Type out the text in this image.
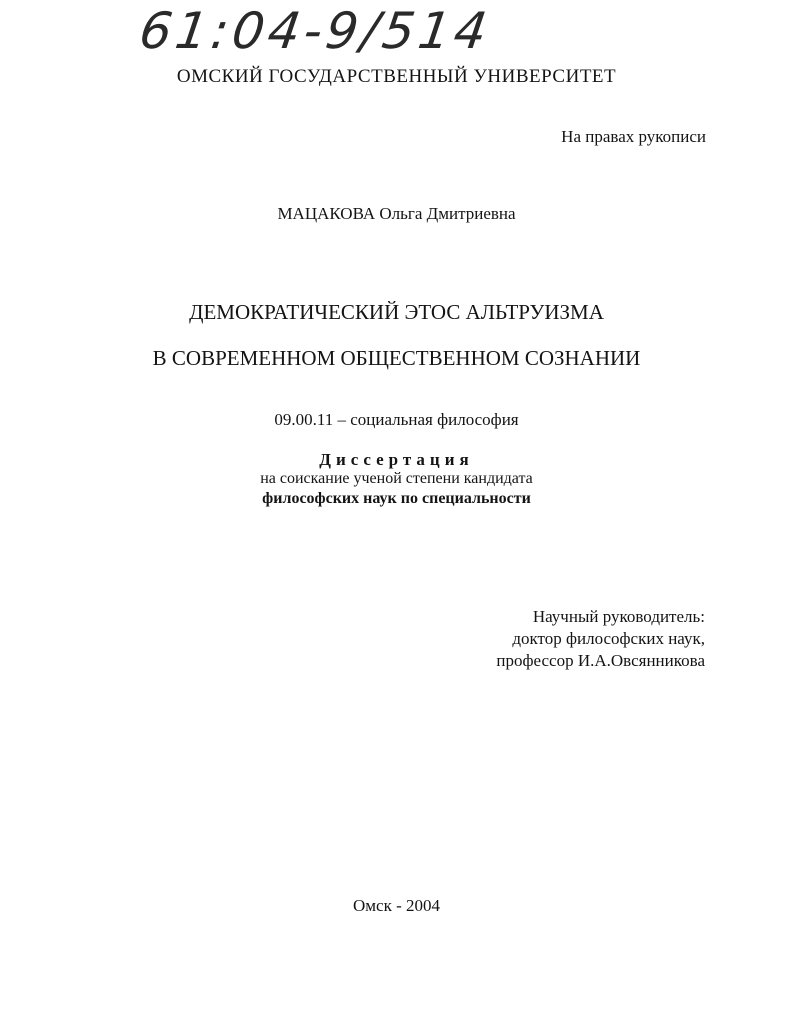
61:04-9/514
ОМСКИЙ ГОСУДАРСТВЕННЫЙ УНИВЕРСИТЕТ
На правах рукописи
МАЦАКОВА Ольга Дмитриевна
ДЕМОКРАТИЧЕСКИЙ ЭТОС АЛЬТРУИЗМА
В СОВРЕМЕННОМ ОБЩЕСТВЕННОМ СОЗНАНИИ
09.00.11 – социальная философия
Диссертация
на соискание ученой степени кандидата
философских наук по специальности
Научный руководитель:
доктор философских наук,
профессор И.А.Овсянникова
Омск - 2004
